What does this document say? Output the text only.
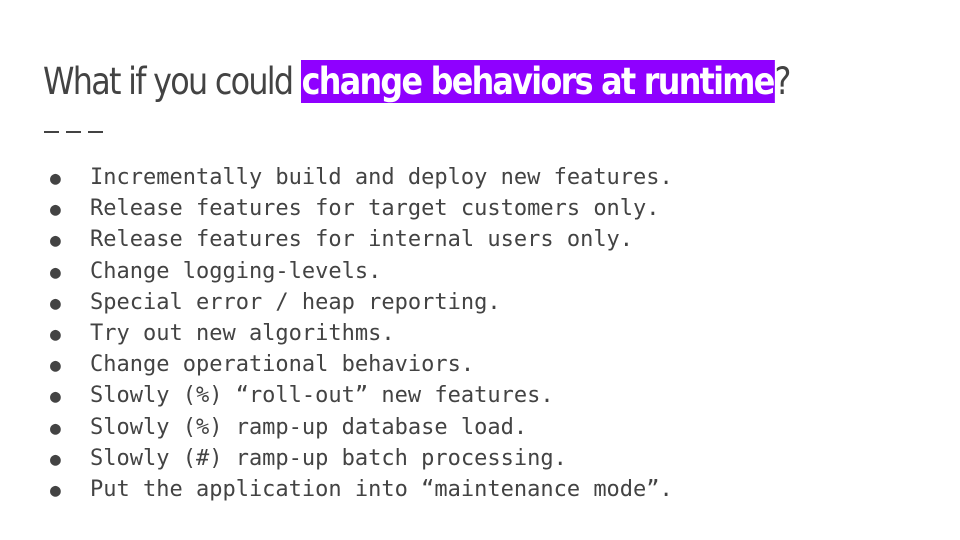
What if you could change behaviors at runtime?
●	Incrementally build and deploy new features.
●	Release features for target customers only.
●	Release features for internal users only.
●	Change logging-levels.
●	Special error / heap reporting.
●	Try out new algorithms.
●	Change operational behaviors.
●	Slowly (%) “roll-out” new features.
●	Slowly (%) ramp-up database load.
●	Slowly (#) ramp-up batch processing.
●	Put the application into “maintenance mode”.
